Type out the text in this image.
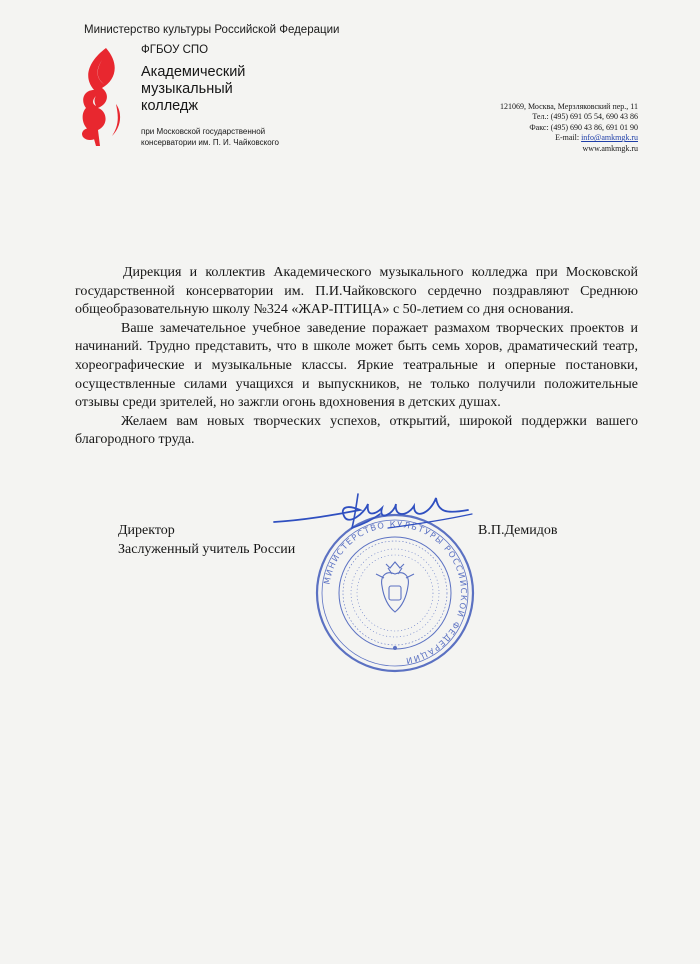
Министерство культуры Российской Федерации
ФГБОУ СПО
Академический музыкальный колледж
при Московской государственной консерватории им. П. И. Чайковского
121069, Москва, Мерзляковский пер., 11
Тел.: (495) 691 05 54, 690 43 86
Факс: (495) 690 43 86, 691 01 90
E-mail: info@amkmgk.ru
www.amkmgk.ru

Дирекция и коллектив Академического музыкального колледжа при Московской государственной консерватории им. П.И.Чайковского сердечно поздравляют Среднюю общеобразовательную школу №324 «ЖАР-ПТИЦА» с 50-летием со дня основания.

Ваше замечательное учебное заведение поражает размахом творческих проектов и начинаний. Трудно представить, что в школе может быть семь хоров, драматический театр, хореографические и музыкальные классы. Яркие театральные и оперные постановки, осуществленные силами учащихся и выпускников, не только получили положительные отзывы среди зрителей, но зажгли огонь вдохновения в детских душах.

Желаем вам новых творческих успехов, открытий, широкой поддержки вашего благородного труда.

МИНИСТЕРСТВО КУЛЬТУРЫ РОССИЙСКОЙ ФЕДЕРАЦИИ
Директор
Заслуженный учитель России
В.П.Демидов
